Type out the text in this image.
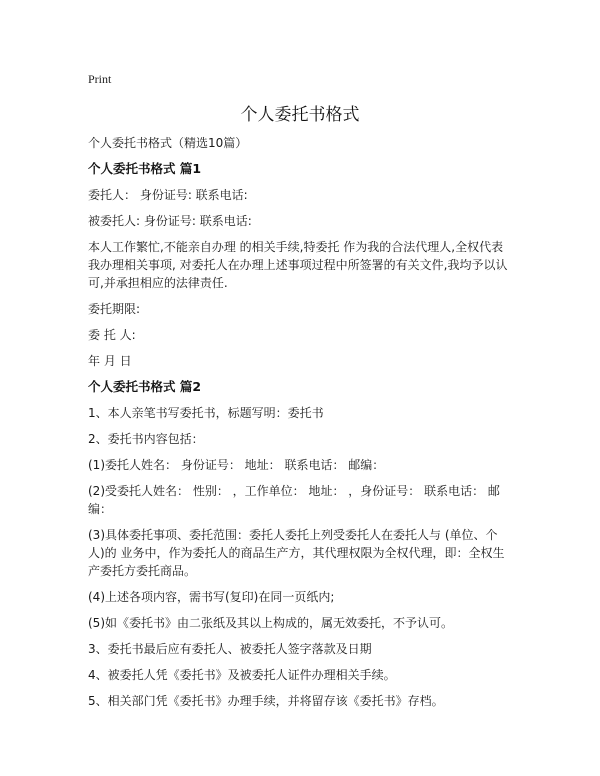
Print
个人委托书格式

个人委托书格式（精选10篇）

个人委托书格式 篇1

委托人： 身份证号: 联系电话:

被委托人: 身份证号: 联系电话:

本人工作繁忙,不能亲自办理 的相关手续,特委托 作为我的合法代理人,全权代表我办理相关事项, 对委托人在办理上述事项过程中所签署的有关文件,我均予以认可,并承担相应的法律责任.

委托期限:

委 托 人:

年 月 日

个人委托书格式 篇2

1、本人亲笔书写委托书，标题写明：委托书

2、委托书内容包括：

(1)委托人姓名： 身份证号： 地址： 联系电话： 邮编：

(2)受委托人姓名： 性别： ，工作单位： 地址： ，身份证号： 联系电话： 邮编：

(3)具体委托事项、委托范围：委托人委托上列受委托人在委托人与 (单位、个人)的 业务中，作为委托人的商品生产方，其代理权限为全权代理，即：全权生产委托方委托商品。

(4)上述各项内容，需书写(复印)在同一页纸内;

(5)如《委托书》由二张纸及其以上构成的，属无效委托，不予认可。

3、委托书最后应有委托人、被委托人签字落款及日期

4、被委托人凭《委托书》及被委托人证件办理相关手续。

5、相关部门凭《委托书》办理手续，并将留存该《委托书》存档。
